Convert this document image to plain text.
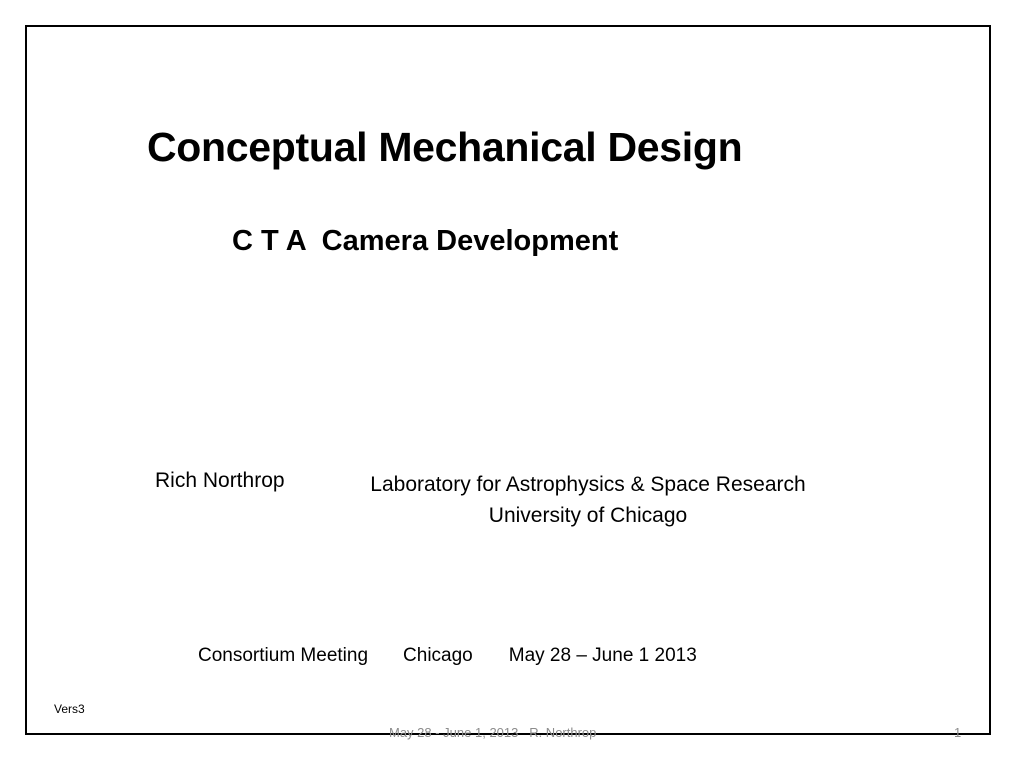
Conceptual Mechanical Design
C T A  Camera Development
Rich Northrop	Laboratory for Astrophysics & Space Research
University of Chicago
Consortium Meeting Chicago May 28 – June 1 2013
Vers3
May 28 - June 1, 2013   R. Northrop	1
